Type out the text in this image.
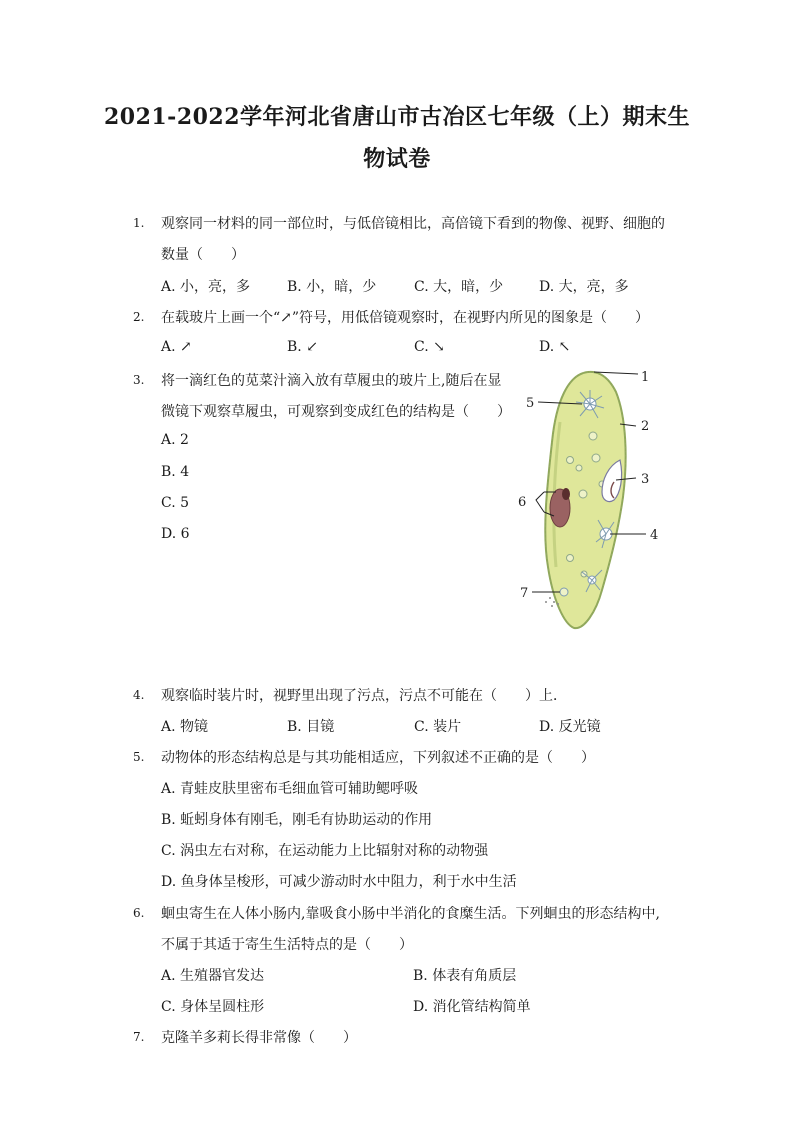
2021-2022学年河北省唐山市古冶区七年级（上）期末生
物试卷
1.	观察同一材料的同一部位时，与低倍镜相比，高倍镜下看到的物像、视野、细胞的
数量（　　）
A. 小，亮，多	B. 小，暗，少	C. 大，暗，少	D. 大，亮，多
2.	在载玻片上画一个“↗”符号，用低倍镜观察时，在视野内所见的图象是（　　）
A. ↗	B. ↙	C. ↘	D. ↖
3.	将一滴红色的苋菜汁滴入放有草履虫的玻片上,随后在显
微镜下观察草履虫，可观察到变成红色的结构是（　　）
A. 2
B. 4
C. 5
D. 6
1
2
3
4
5
6
7
4.	观察临时装片时，视野里出现了污点，污点不可能在（　　）上．
A. 物镜	B. 目镜	C. 装片	D. 反光镜
5.	动物体的形态结构总是与其功能相适应，下列叙述不正确的是（　　）
A. 青蛙皮肤里密布毛细血管可辅助鳃呼吸
B. 蚯蚓身体有刚毛，刚毛有协助运动的作用
C. 涡虫左右对称，在运动能力上比辐射对称的动物强
D. 鱼身体呈梭形，可减少游动时水中阻力，利于水中生活
6.	蛔虫寄生在人体小肠内,靠吸食小肠中半消化的食糜生活。下列蛔虫的形态结构中,
不属于其适于寄生生活特点的是（　　）
A. 生殖器官发达	B. 体表有角质层
C. 身体呈圆柱形	D. 消化管结构简单
7.	克隆羊多莉长得非常像（　　）
